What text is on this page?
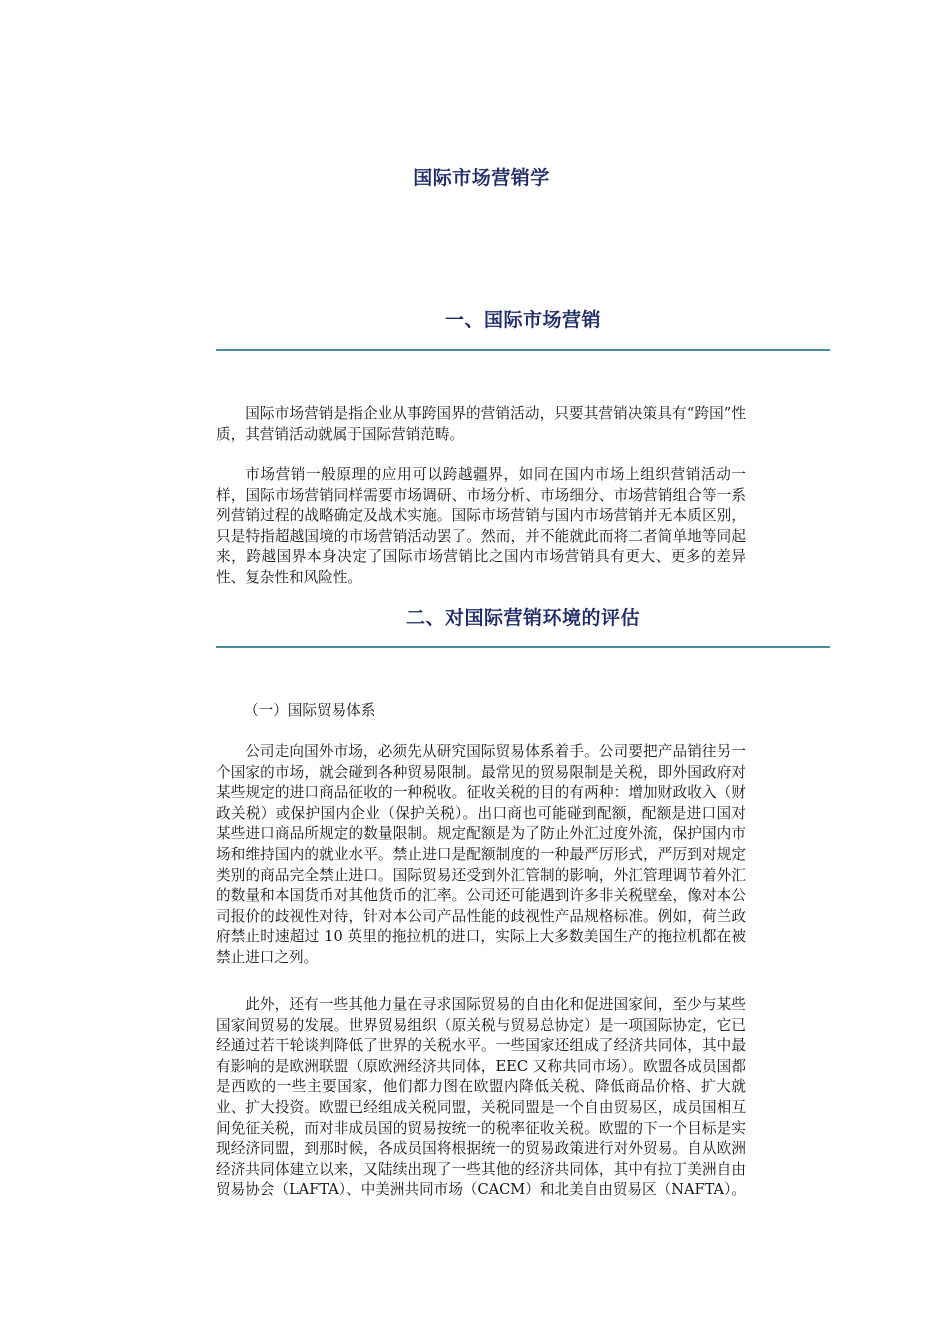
国际市场营销学
一、国际市场营销

国际市场营销是指企业从事跨国界的营销活动，只要其营销决策具有“跨国”性质，其营销活动就属于国际营销范畴。

市场营销一般原理的应用可以跨越疆界，如同在国内市场上组织营销活动一样，国际市场营销同样需要市场调研、市场分析、市场细分、市场营销组合等一系列营销过程的战略确定及战术实施。国际市场营销与国内市场营销并无本质区别，只是特指超越国境的市场营销活动罢了。然而，并不能就此而将二者简单地等同起来，跨越国界本身决定了国际市场营销比之国内市场营销具有更大、更多的差异性、复杂性和风险性。

二、对国际营销环境的评估

（一）国际贸易体系

公司走向国外市场，必须先从研究国际贸易体系着手。公司要把产品销往另一个国家的市场，就会碰到各种贸易限制。最常见的贸易限制是关税，即外国政府对某些规定的进口商品征收的一种税收。征收关税的目的有两种：增加财政收入（财政关税）或保护国内企业（保护关税）。出口商也可能碰到配额，配额是进口国对某些进口商品所规定的数量限制。规定配额是为了防止外汇过度外流，保护国内市场和维持国内的就业水平。禁止进口是配额制度的一种最严厉形式，严厉到对规定类别的商品完全禁止进口。国际贸易还受到外汇管制的影响，外汇管理调节着外汇的数量和本国货币对其他货币的汇率。公司还可能遇到许多非关税壁垒，像对本公司报价的歧视性对待，针对本公司产品性能的歧视性产品规格标准。例如，荷兰政府禁止时速超过 10 英里的拖拉机的进口，实际上大多数美国生产的拖拉机都在被禁止进口之列。

此外，还有一些其他力量在寻求国际贸易的自由化和促进国家间，至少与某些国家间贸易的发展。世界贸易组织（原关税与贸易总协定）是一项国际协定，它已经通过若干轮谈判降低了世界的关税水平。一些国家还组成了经济共同体，其中最有影响的是欧洲联盟（原欧洲经济共同体，EEC 又称共同市场）。欧盟各成员国都是西欧的一些主要国家，他们都力图在欧盟内降低关税、降低商品价格、扩大就业、扩大投资。欧盟已经组成关税同盟，关税同盟是一个自由贸易区，成员国相互间免征关税，而对非成员国的贸易按统一的税率征收关税。欧盟的下一个目标是实现经济同盟，到那时候，各成员国将根据统一的贸易政策进行对外贸易。自从欧洲经济共同体建立以来，又陆续出现了一些其他的经济共同体，其中有拉丁美洲自由贸易协会（LAFTA）、中美洲共同市场（CACM）和北美自由贸易区（NAFTA）。
